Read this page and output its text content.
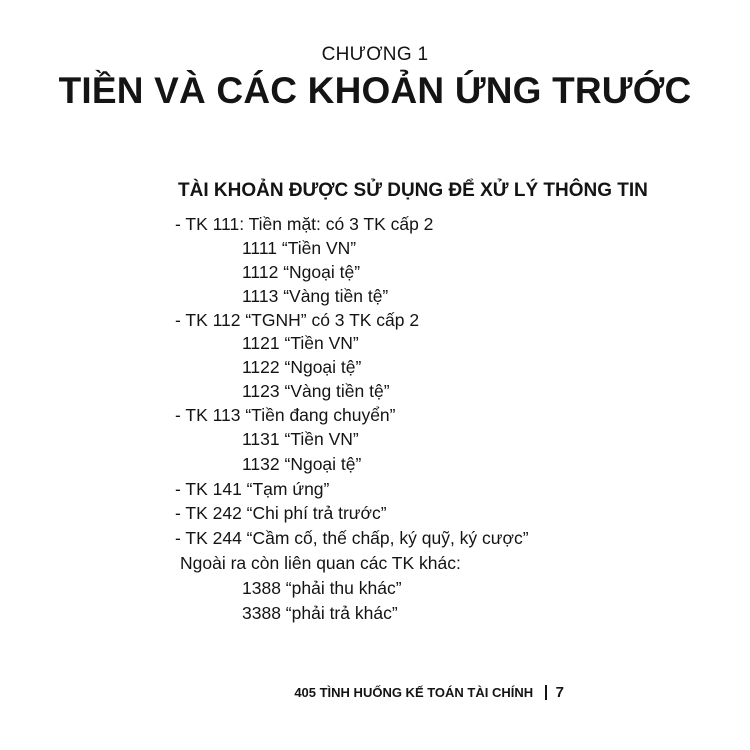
CHƯƠNG 1
TIỀN VÀ CÁC KHOẢN ỨNG TRƯỚC
TÀI KHOẢN ĐƯỢC SỬ DỤNG ĐỂ XỬ LÝ THÔNG TIN
- TK 111: Tiền mặt: có 3 TK cấp 2
1111 “Tiền VN”
1112 “Ngoại tệ”
1113 “Vàng tiền tệ”
- TK 112 “TGNH” có 3 TK cấp 2
1121 “Tiền VN”
1122 “Ngoại tệ”
1123 “Vàng tiền tệ”
- TK 113 “Tiền đang chuyển”
1131 “Tiền VN”
1132 “Ngoại tệ”
- TK 141 “Tạm ứng”
- TK 242 “Chi phí trả trước”
- TK 244 “Cầm cố, thế chấp, ký quỹ, ký cược”
Ngoài ra còn liên quan các TK khác:
1388 “phải thu khác”
3388 “phải trả khác”
405 TÌNH HUỐNG KẾ TOÁN TÀI CHÍNH 7
